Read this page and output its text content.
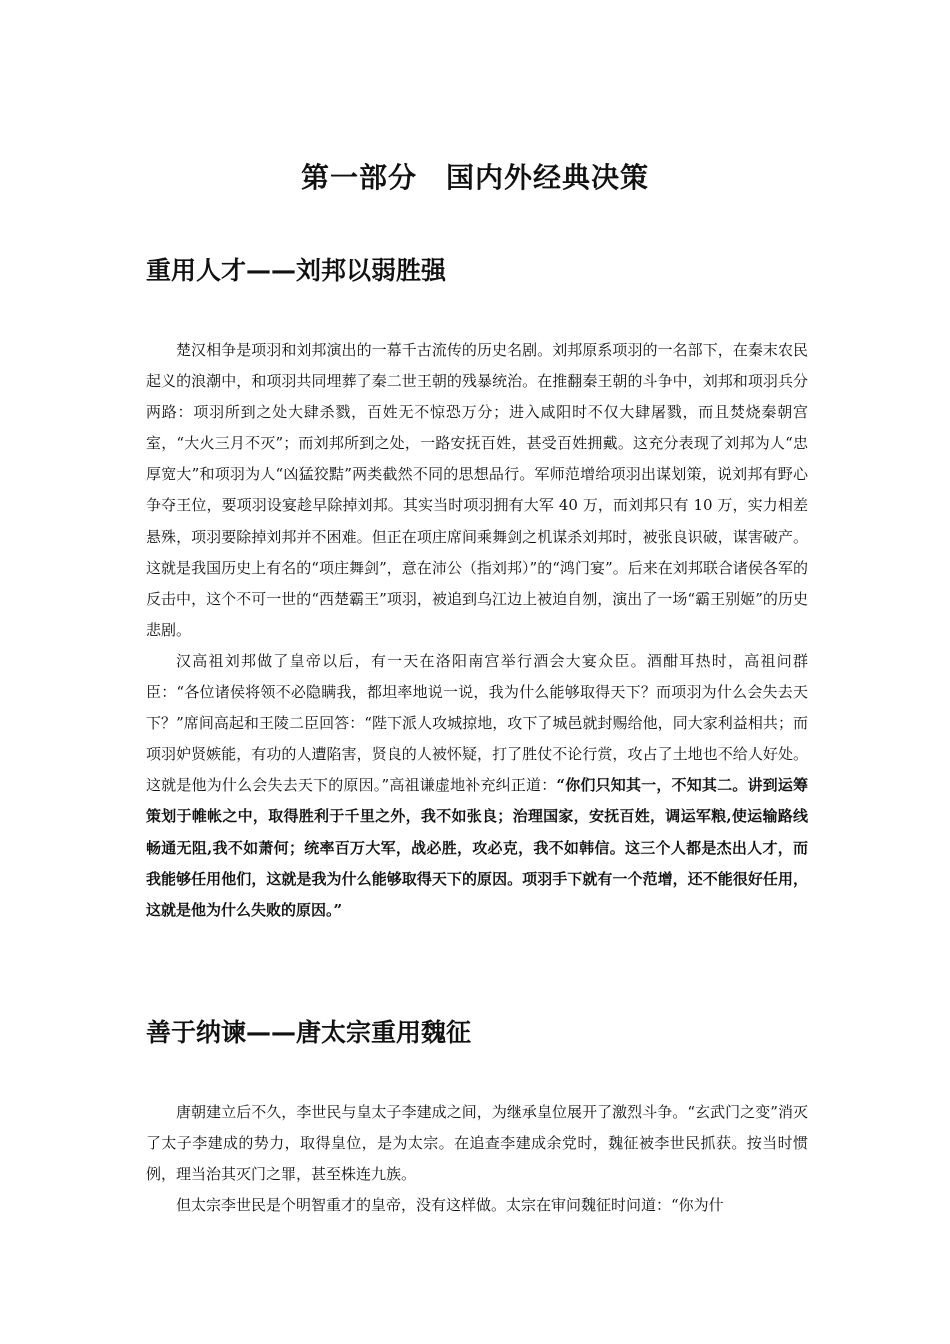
第一部分　国内外经典决策
重用人才——刘邦以弱胜强

楚汉相争是项羽和刘邦演出的一幕千古流传的历史名剧。刘邦原系项羽的一名部下，在秦末农民起义的浪潮中，和项羽共同埋葬了秦二世王朝的残暴统治。在推翻秦王朝的斗争中，刘邦和项羽兵分两路：项羽所到之处大肆杀戮，百姓无不惊恐万分；进入咸阳时不仅大肆屠戮，而且焚烧秦朝宫室，“大火三月不灭”；而刘邦所到之处，一路安抚百姓，甚受百姓拥戴。这充分表现了刘邦为人“忠厚宽大”和项羽为人“凶猛狡黠”两类截然不同的思想品行。军师范增给项羽出谋划策，说刘邦有野心争夺王位，要项羽设宴趁早除掉刘邦。其实当时项羽拥有大军 40 万，而刘邦只有 10 万，实力相差悬殊，项羽要除掉刘邦并不困难。但正在项庄席间乘舞剑之机谋杀刘邦时，被张良识破，谋害破产。这就是我国历史上有名的“项庄舞剑”，意在沛公（指刘邦）”的“鸿门宴”。后来在刘邦联合诸侯各军的反击中，这个不可一世的“西楚霸王”项羽，被追到乌江边上被迫自刎，演出了一场“霸王别姬”的历史悲剧。

汉高祖刘邦做了皇帝以后，有一天在洛阳南宫举行酒会大宴众臣。酒酣耳热时，高祖问群臣：“各位诸侯将领不必隐瞒我，都坦率地说一说，我为什么能够取得天下？而项羽为什么会失去天下？”席间高起和王陵二臣回答：“陛下派人攻城掠地，攻下了城邑就封赐给他，同大家利益相共；而项羽妒贤嫉能，有功的人遭陷害，贤良的人被怀疑，打了胜仗不论行赏，攻占了土地也不给人好处。这就是他为什么会失去天下的原因。”高祖谦虚地补充纠正道：“你们只知其一，不知其二。讲到运筹策划于帷帐之中，取得胜利于千里之外，我不如张良；治理国家，安抚百姓，调运军粮,使运输路线畅通无阻,我不如萧何；统率百万大军，战必胜，攻必克，我不如韩信。这三个人都是杰出人才，而我能够任用他们，这就是我为什么能够取得天下的原因。项羽手下就有一个范增，还不能很好任用，这就是他为什么失败的原因。”

善于纳谏——唐太宗重用魏征

唐朝建立后不久，李世民与皇太子李建成之间，为继承皇位展开了激烈斗争。“玄武门之变”消灭了太子李建成的势力，取得皇位，是为太宗。在追查李建成余党时，魏征被李世民抓获。按当时惯例，理当治其灭门之罪，甚至株连九族。

但太宗李世民是个明智重才的皇帝，没有这样做。太宗在审问魏征时问道：“你为什
